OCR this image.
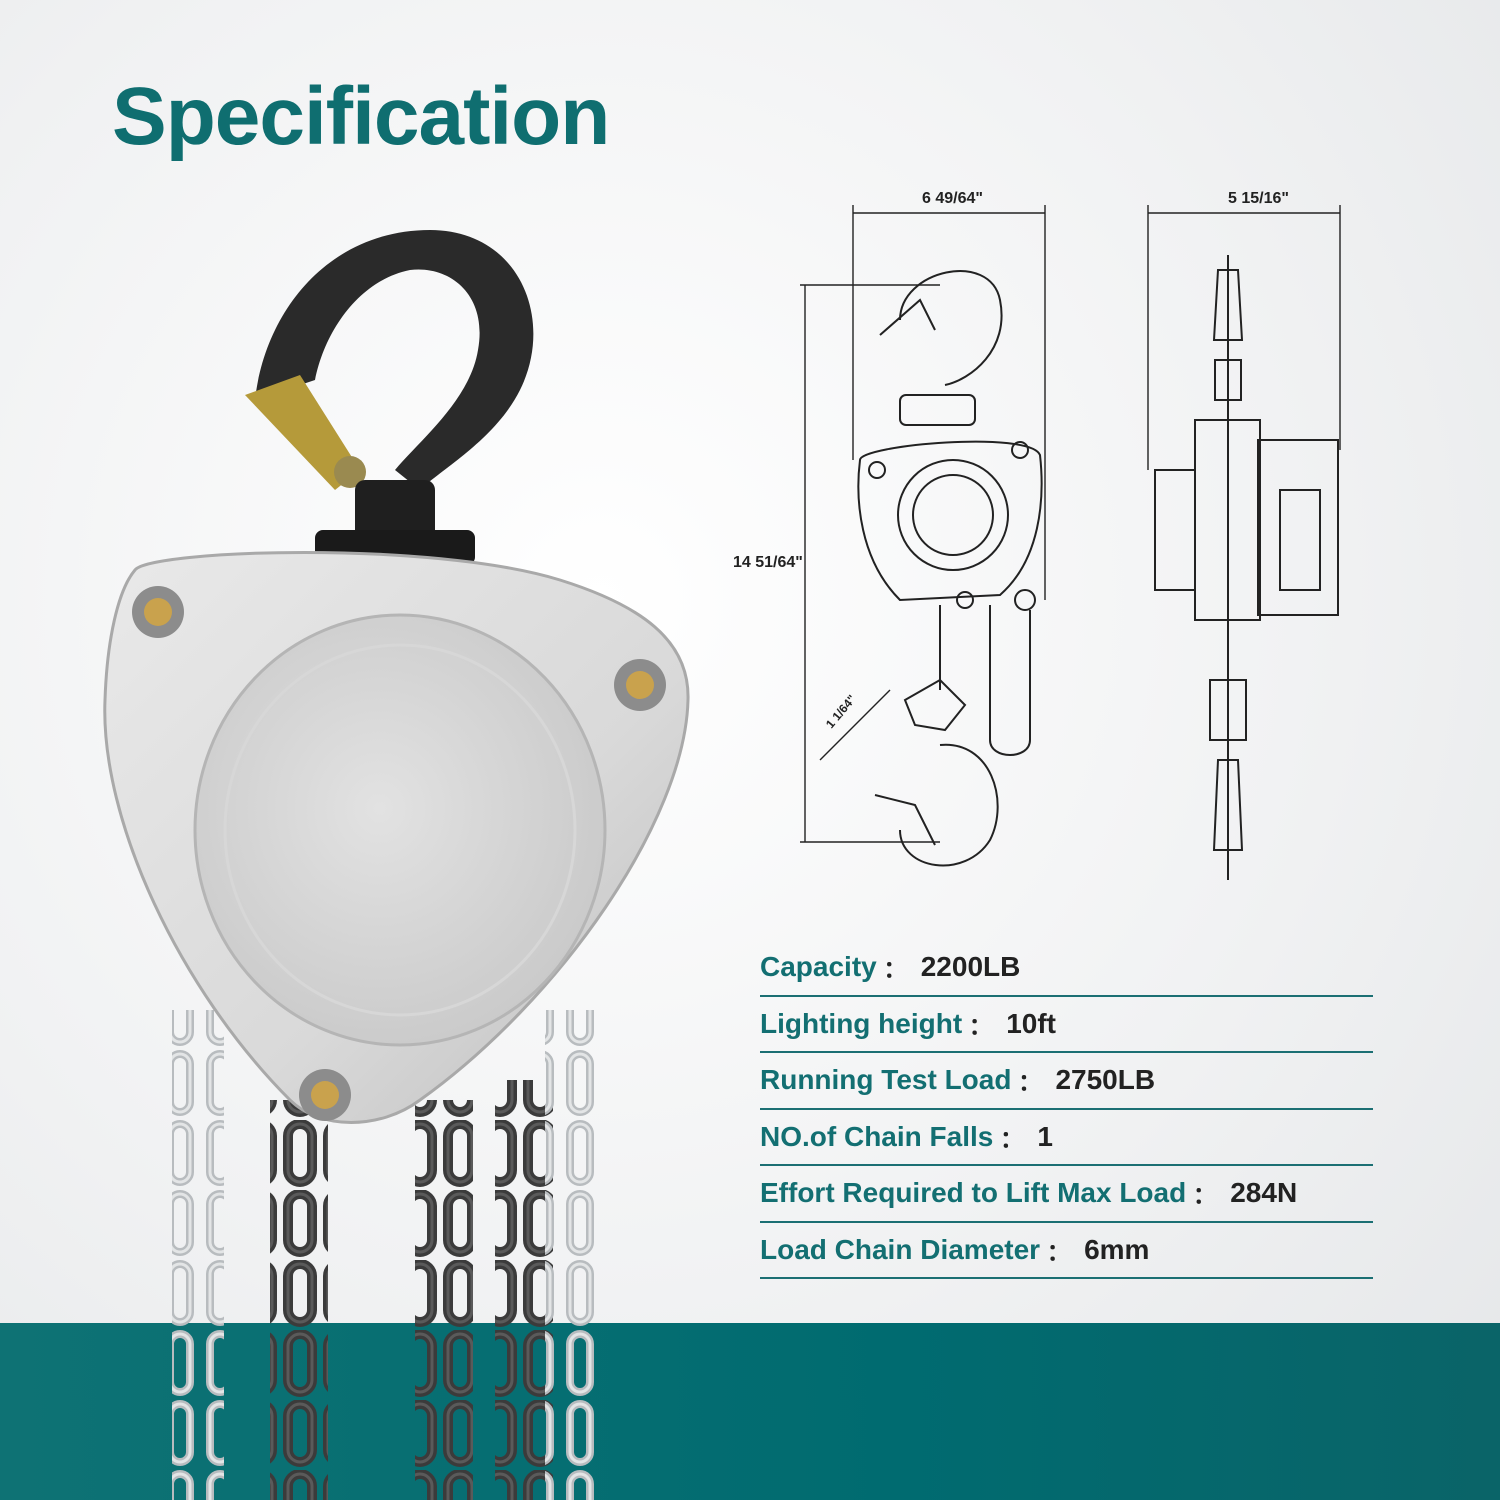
Specification
6 49/64"	5 15/16"
14 51/64"
1 1/64"
Capacity ： 2200LB
Lighting height ： 10ft
Running Test Load ： 2750LB
NO.of Chain Falls ： 1
Effort Required to Lift Max Load ： 284N
Load Chain Diameter ： 6mm
